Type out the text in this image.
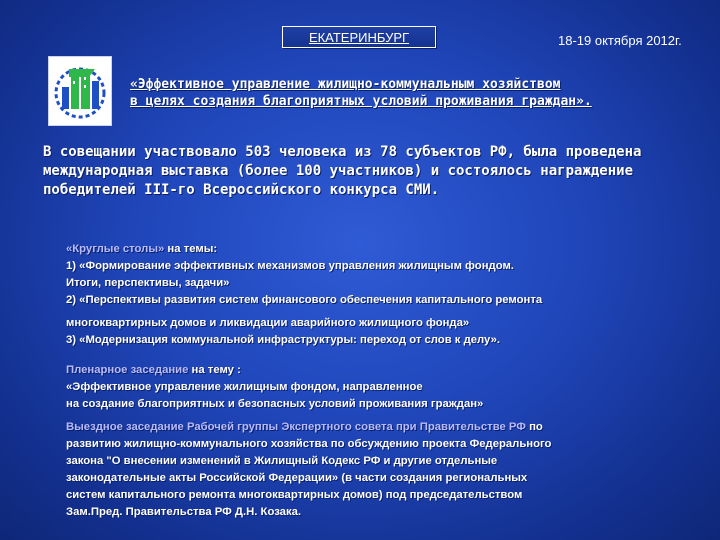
ЕКАТЕРИНБУРГ	18-19 октября 2012г.
«Эффективное управление жилищно-коммунальным хозяйством
в целях создания благоприятных условий проживания граждан».
В совещании участвовало 503 человека из 78 субъектов РФ, была проведена международная выставка (более 100 участников) и состоялось награждение победителей III-го Всероссийского конкурса СМИ.
«Круглые столы» на темы:
1) «Формирование эффективных механизмов управления жилищным фондом.
Итоги, перспективы, задачи»
2) «Перспективы развития систем финансового обеспечения капитального ремонта
многоквартирных домов и ликвидации аварийного жилищного фонда»
3) «Модернизация коммунальной инфраструктуры: переход от слов к делу».
Пленарное заседание на тему :
«Эффективное управление жилищным фондом, направленное
на создание благоприятных и безопасных условий проживания граждан»
Выездное заседание Рабочей группы Экспертного совета при Правительстве РФ по
развитию жилищно-коммунального хозяйства по обсуждению проекта Федерального
закона "О внесении изменений в Жилищный Кодекс РФ и другие отдельные
законодательные акты Российской Федерации» (в части создания региональных
систем капитального ремонта многоквартирных домов) под председательством
Зам.Пред. Правительства РФ Д.Н. Козака.
